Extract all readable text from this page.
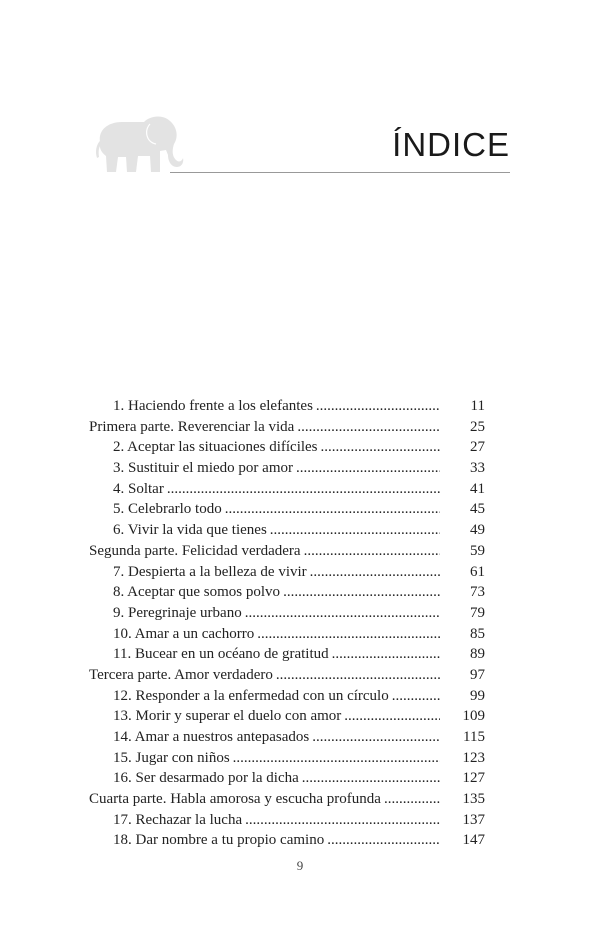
ÍNDICE
1. Haciendo frente a los elefantes .....	11
Primera parte. Reverenciar la vida .....	25
2. Aceptar las situaciones difíciles .....	27
3. Sustituir el miedo por amor .....	33
4. Soltar .....	41
5. Celebrarlo todo .....	45
6. Vivir la vida que tienes .....	49
Segunda parte. Felicidad verdadera .....	59
7. Despierta a la belleza de vivir .....	61
8. Aceptar que somos polvo .....	73
9. Peregrinaje urbano .....	79
10. Amar a un cachorro .....	85
11. Bucear en un océano de gratitud .....	89
Tercera parte. Amor verdadero .....	97
12. Responder a la enfermedad con un círculo .....	99
13. Morir y superar el duelo con amor .....	109
14. Amar a nuestros antepasados .....	115
15. Jugar con niños .....	123
16. Ser desarmado por la dicha .....	127
Cuarta parte. Habla amorosa y escucha profunda .....	135
17. Rechazar la lucha .....	137
18. Dar nombre a tu propio camino .....	147
9
